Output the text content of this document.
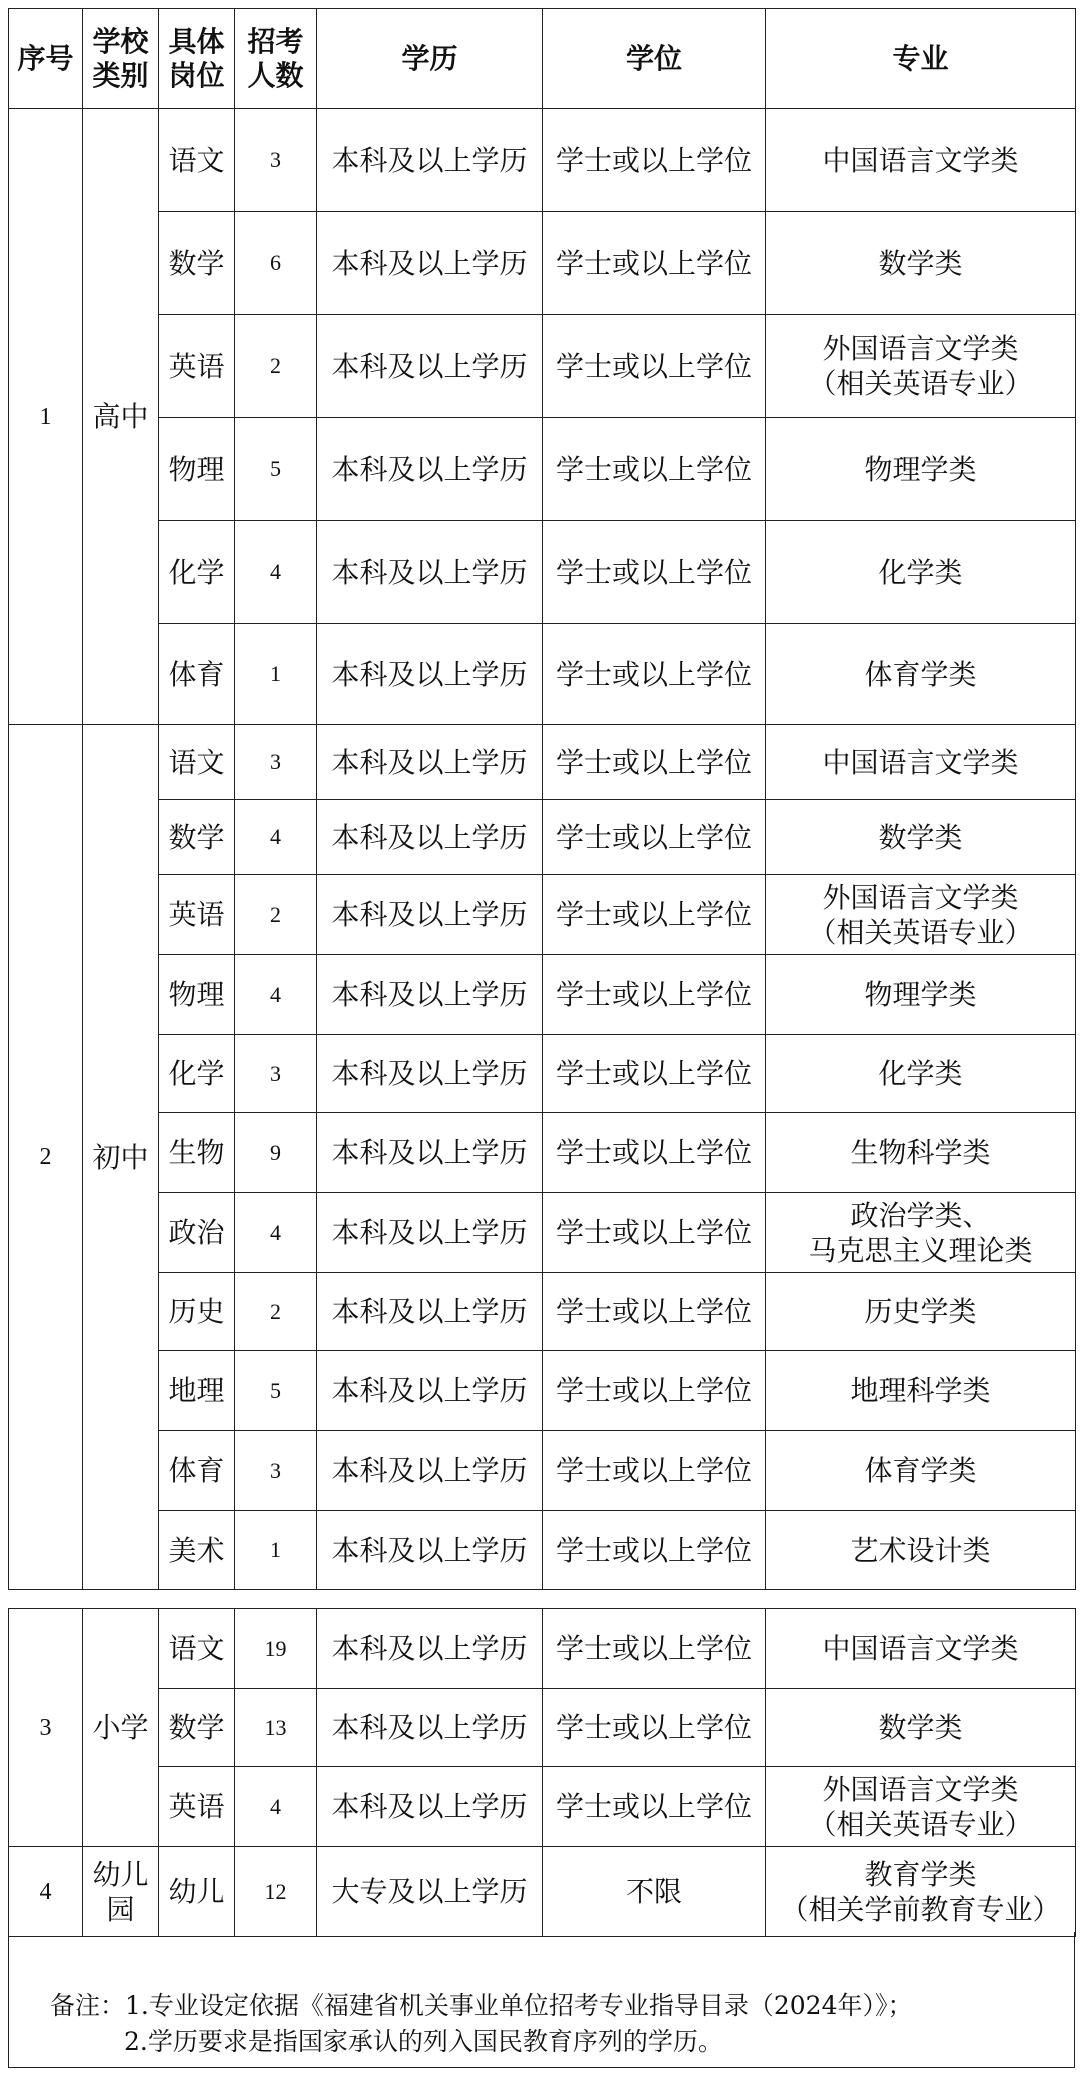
序号	学校类别	具体岗位	招考人数	学历	学位	专业
1	高中	语文	3	本科及以上学历	学士或以上学位	中国语言文学类
		数学	6	本科及以上学历	学士或以上学位	数学类
		英语	2	本科及以上学历	学士或以上学位	外国语言文学类
（相关英语专业）
		物理	5	本科及以上学历	学士或以上学位	物理学类
		化学	4	本科及以上学历	学士或以上学位	化学类
		体育	1	本科及以上学历	学士或以上学位	体育学类
2	初中	语文	3	本科及以上学历	学士或以上学位	中国语言文学类
		数学	4	本科及以上学历	学士或以上学位	数学类
		英语	2	本科及以上学历	学士或以上学位	外国语言文学类
（相关英语专业）
		物理	4	本科及以上学历	学士或以上学位	物理学类
		化学	3	本科及以上学历	学士或以上学位	化学类
		生物	9	本科及以上学历	学士或以上学位	生物科学类
		政治	4	本科及以上学历	学士或以上学位	政治学类、
马克思主义理论类
		历史	2	本科及以上学历	学士或以上学位	历史学类
		地理	5	本科及以上学历	学士或以上学位	地理科学类
		体育	3	本科及以上学历	学士或以上学位	体育学类
		美术	1	本科及以上学历	学士或以上学位	艺术设计类
3	小学	语文	19	本科及以上学历	学士或以上学位	中国语言文学类
		数学	13	本科及以上学历	学士或以上学位	数学类
		英语	4	本科及以上学历	学士或以上学位	外国语言文学类
（相关英语专业）
4	幼儿园	幼儿	12	大专及以上学历	不限	教育学类
（相关学前教育专业）
备注：1.专业设定依据《福建省机关事业单位招考专业指导目录（2024年）》；
2.学历要求是指国家承认的列入国民教育序列的学历。
